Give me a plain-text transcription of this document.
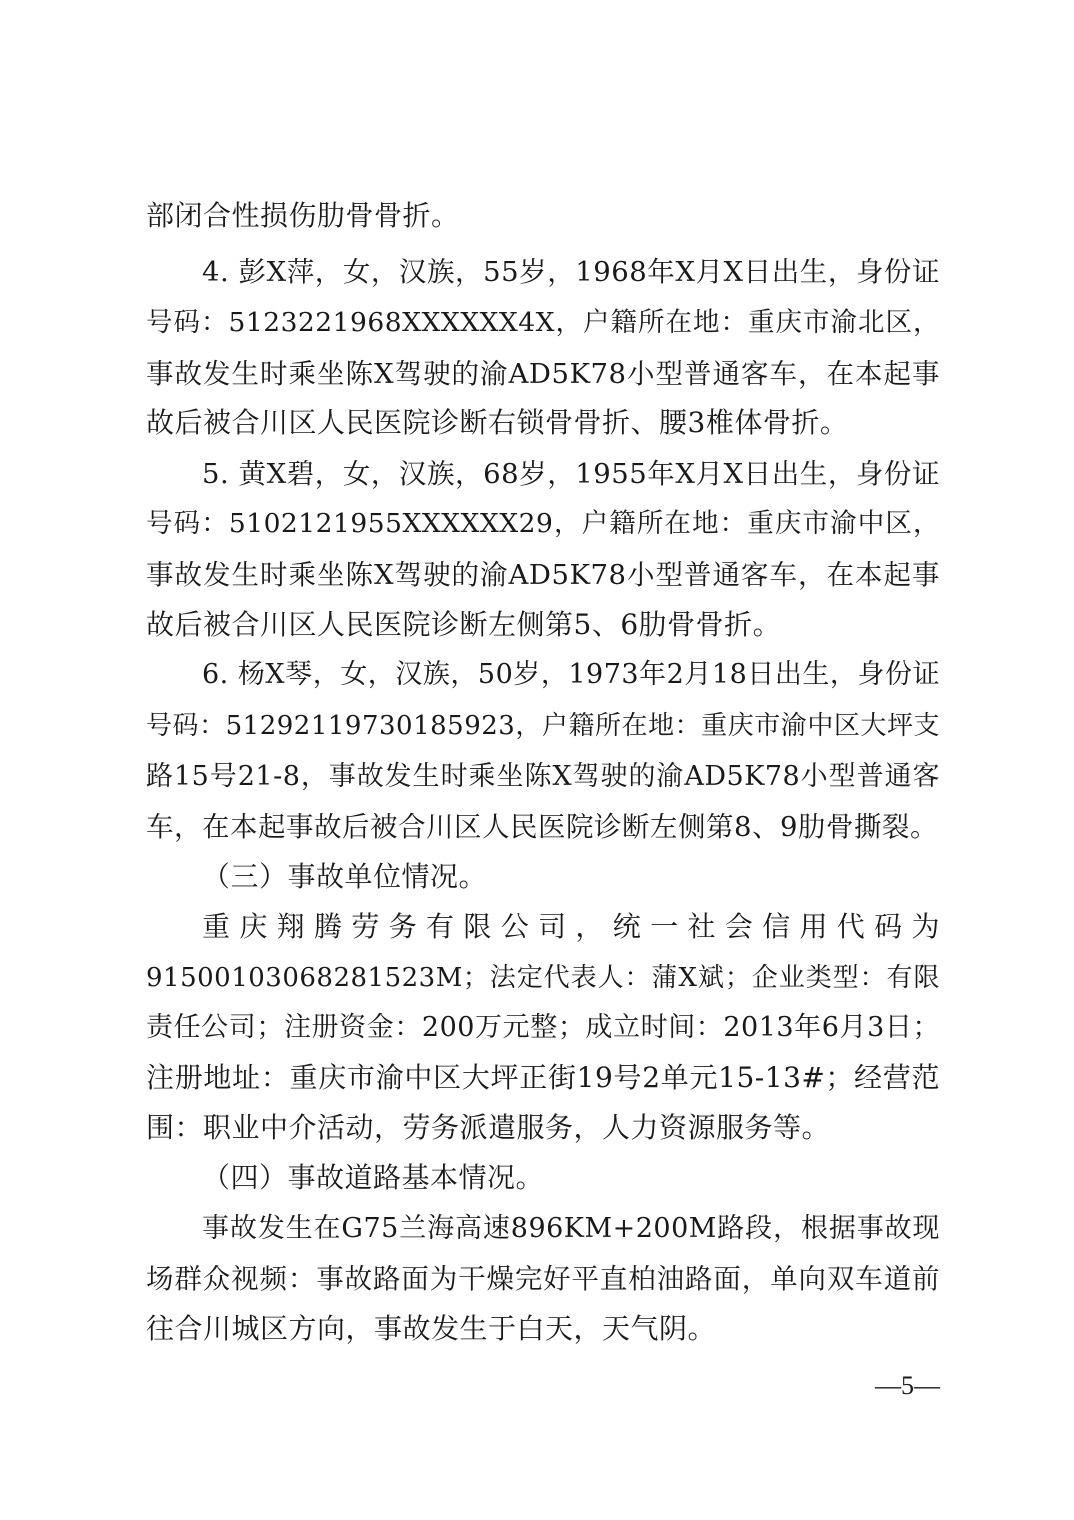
部闭合性损伤肋骨骨折。
4. 彭X萍，女，汉族，55岁，1968年X月X日出生，身份证
号码：5123221968XXXXXX4X，户籍所在地：重庆市渝北区，
事故发生时乘坐陈X驾驶的渝AD5K78小型普通客车，在本起事
故后被合川区人民医院诊断右锁骨骨折、腰3椎体骨折。
5. 黄X碧，女，汉族，68岁，1955年X月X日出生，身份证
号码：5102121955XXXXXX29，户籍所在地：重庆市渝中区，
事故发生时乘坐陈X驾驶的渝AD5K78小型普通客车，在本起事
故后被合川区人民医院诊断左侧第5、6肋骨骨折。
6. 杨X琴，女，汉族，50岁，1973年2月18日出生，身份证
号码：51292119730185923，户籍所在地：重庆市渝中区大坪支
路15号21-8，事故发生时乘坐陈X驾驶的渝AD5K78小型普通客
车，在本起事故后被合川区人民医院诊断左侧第8、9肋骨撕裂。
（三）事故单位情况。
重庆翔腾劳务有限公司，统一社会信用代码为
91500103068281523M；法定代表人：蒲X斌；企业类型：有限
责任公司；注册资金：200万元整；成立时间：2013年6月3日；
注册地址：重庆市渝中区大坪正街19号2单元15-13#；经营范
围：职业中介活动，劳务派遣服务，人力资源服务等。
（四）事故道路基本情况。
事故发生在G75兰海高速896KM+200M路段，根据事故现
场群众视频：事故路面为干燥完好平直柏油路面，单向双车道前
往合川城区方向，事故发生于白天，天气阴。
—5—
